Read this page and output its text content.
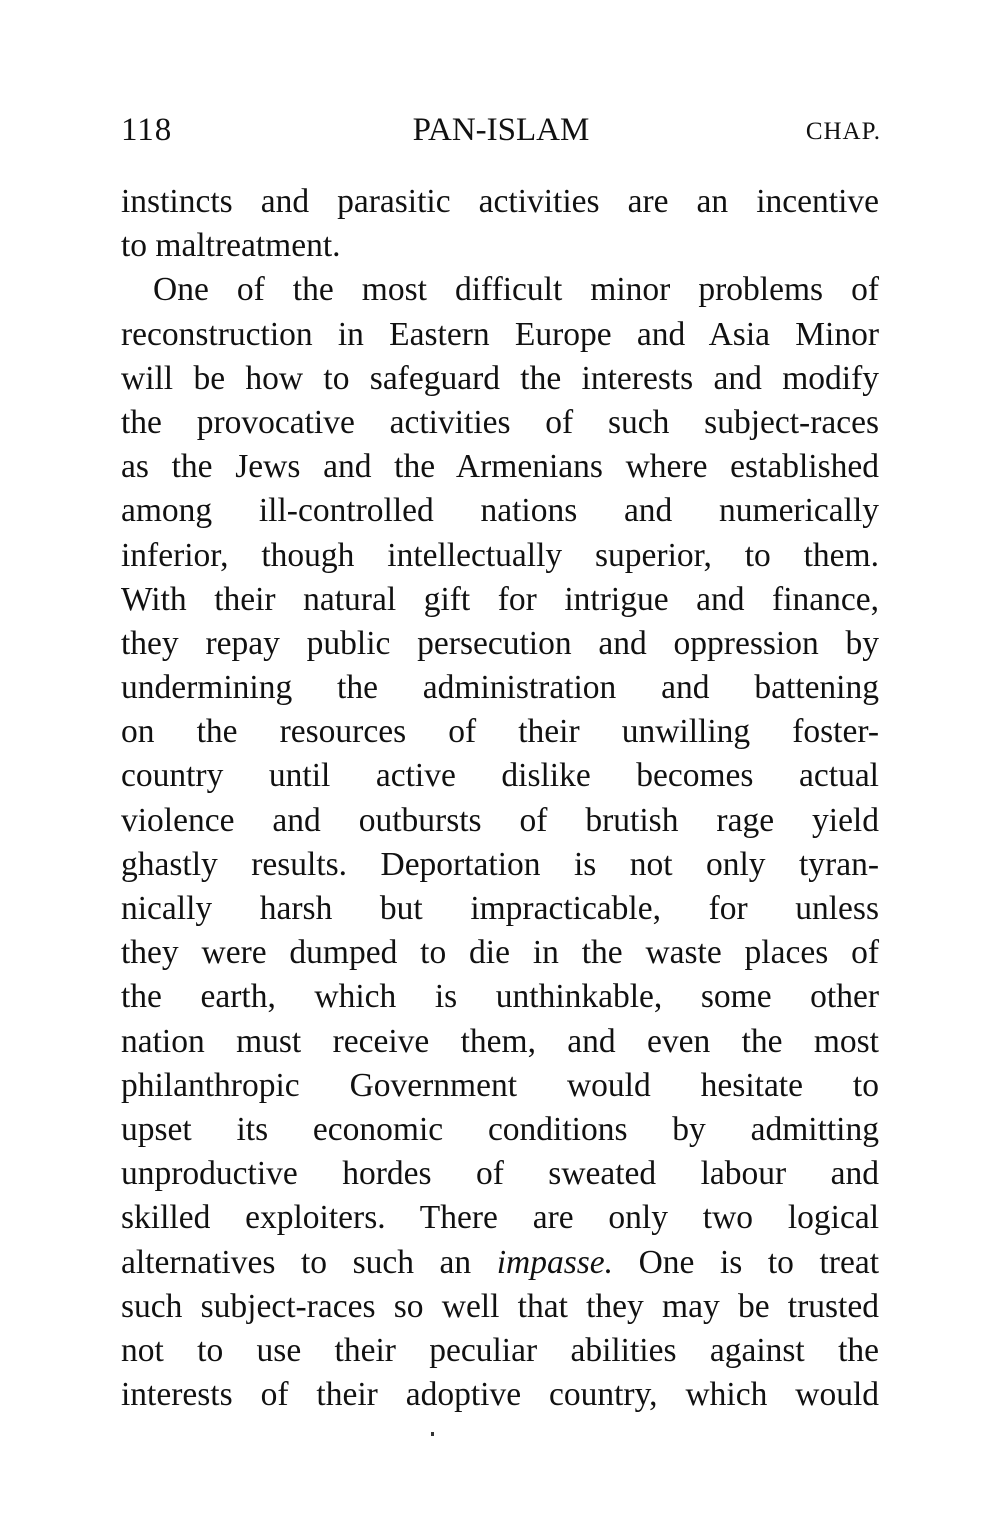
118	PAN-ISLAM	CHAP.
instincts and parasitic activities are an incentive
to maltreatment.
One of the most difficult minor problems of
reconstruction in Eastern Europe and Asia Minor
will be how to safeguard the interests and modify
the provocative activities of such subject-races
as the Jews and the Armenians where established
among ill-controlled nations and numerically
inferior, though intellectually superior, to them.
With their natural gift for intrigue and finance,
they repay public persecution and oppression by
undermining the administration and battening
on the resources of their unwilling foster-
country until active dislike becomes actual
violence and outbursts of brutish rage yield
ghastly results. Deportation is not only tyran-
nically harsh but impracticable, for unless
they were dumped to die in the waste places of
the earth, which is unthinkable, some other
nation must receive them, and even the most
philanthropic Government would hesitate to
upset its economic conditions by admitting
unproductive hordes of sweated labour and
skilled exploiters. There are only two logical
alternatives to such an impasse. One is to treat
such subject-races so well that they may be trusted
not to use their peculiar abilities against the
interests of their adoptive country, which would
